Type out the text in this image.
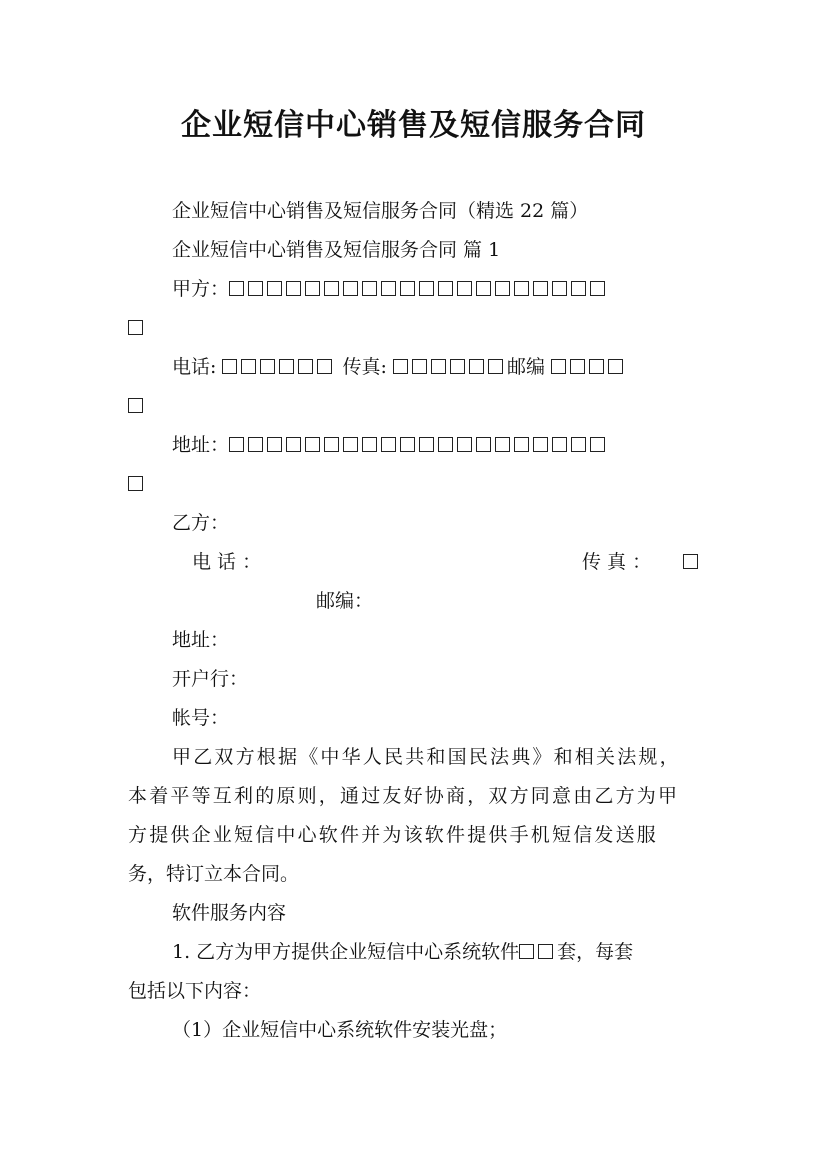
企业短信中心销售及短信服务合同
企业短信中心销售及短信服务合同（精选 22 篇）
企业短信中心销售及短信服务合同 篇 1
甲方：
电话:	传真:	邮编
地址：
乙方：
电 话 ：	传 真 ：
邮编：
地址：
开户行：
帐号：
甲乙双方根据《中华人民共和国民法典》和相关法规，
本着平等互利的原则，通过友好协商，双方同意由乙方为甲
方提供企业短信中心软件并为该软件提供手机短信发送服
务，特订立本合同。
软件服务内容
1. 乙方为甲方提供企业短信中心系统软件 套，每套
包括以下内容：
（1）企业短信中心系统软件安装光盘；
